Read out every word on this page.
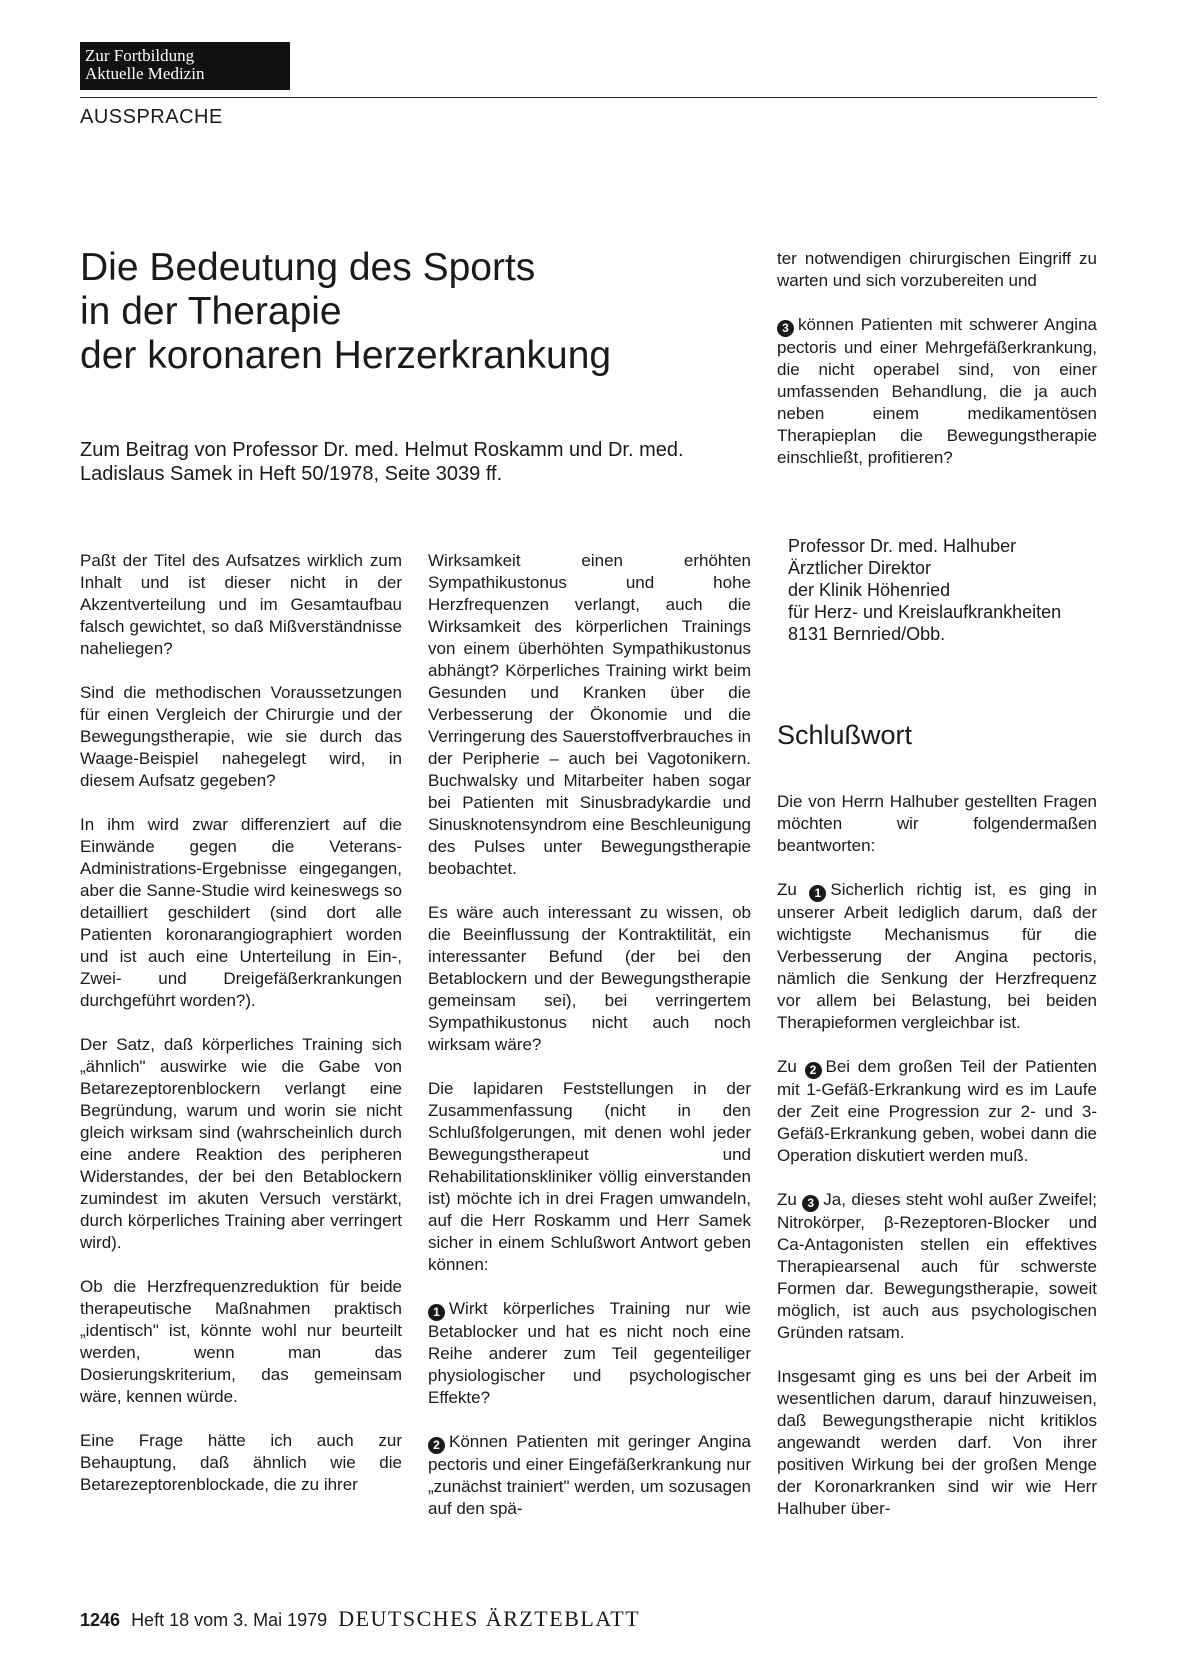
Zur Fortbildung
Aktuelle Medizin
AUSSPRACHE
Die Bedeutung des Sports
in der Therapie
der koronaren Herzerkrankung
Zum Beitrag von Professor Dr. med. Helmut Roskamm und Dr. med. Ladislaus Samek in Heft 50/1978, Seite 3039 ff.

Paßt der Titel des Aufsatzes wirklich zum Inhalt und ist dieser nicht in der Akzentverteilung und im Gesamtaufbau falsch gewichtet, so daß Mißverständnisse naheliegen?

Sind die methodischen Voraussetzungen für einen Vergleich der Chirurgie und der Bewegungstherapie, wie sie durch das Waage-Beispiel nahegelegt wird, in diesem Aufsatz gegeben?

In ihm wird zwar differenziert auf die Einwände gegen die Veterans-Administrations-Ergebnisse eingegangen, aber die Sanne-Studie wird keineswegs so detailliert geschildert (sind dort alle Patienten koronarangiographiert worden und ist auch eine Unterteilung in Ein-, Zwei- und Dreigefäßerkrankungen durchgeführt worden?).

Der Satz, daß körperliches Training sich „ähnlich" auswirke wie die Gabe von Betarezeptorenblockern verlangt eine Begründung, warum und worin sie nicht gleich wirksam sind (wahrscheinlich durch eine andere Reaktion des peripheren Widerstandes, der bei den Betablockern zumindest im akuten Versuch verstärkt, durch körperliches Training aber verringert wird).

Ob die Herzfrequenzreduktion für beide therapeutische Maßnahmen praktisch „identisch" ist, könnte wohl nur beurteilt werden, wenn man das Dosierungskriterium, das gemeinsam wäre, kennen würde.

Eine Frage hätte ich auch zur Behauptung, daß ähnlich wie die Betarezeptorenblockade, die zu ihrer

Wirksamkeit einen erhöhten Sympathikustonus und hohe Herzfrequenzen verlangt, auch die Wirksamkeit des körperlichen Trainings von einem überhöhten Sympathikustonus abhängt? Körperliches Training wirkt beim Gesunden und Kranken über die Verbesserung der Ökonomie und die Verringerung des Sauerstoffverbrauches in der Peripherie – auch bei Vagotonikern. Buchwalsky und Mitarbeiter haben sogar bei Patienten mit Sinusbradykardie und Sinusknotensyndrom eine Beschleunigung des Pulses unter Bewegungstherapie beobachtet.

Es wäre auch interessant zu wissen, ob die Beeinflussung der Kontraktilität, ein interessanter Befund (der bei den Betablockern und der Bewegungstherapie gemeinsam sei), bei verringertem Sympathikustonus nicht auch noch wirksam wäre?

Die lapidaren Feststellungen in der Zusammenfassung (nicht in den Schlußfolgerungen, mit denen wohl jeder Bewegungstherapeut und Rehabilitationskliniker völlig einverstanden ist) möchte ich in drei Fragen umwandeln, auf die Herr Roskamm und Herr Samek sicher in einem Schlußwort Antwort geben können:

1 Wirkt körperliches Training nur wie Betablocker und hat es nicht noch eine Reihe anderer zum Teil gegenteiliger physiologischer und psychologischer Effekte?

2 Können Patienten mit geringer Angina pectoris und einer Eingefäßerkrankung nur „zunächst trainiert" werden, um sozusagen auf den spä-

ter notwendigen chirurgischen Eingriff zu warten und sich vorzubereiten und

3 können Patienten mit schwerer Angina pectoris und einer Mehrgefäßerkrankung, die nicht operabel sind, von einer umfassenden Behandlung, die ja auch neben einem medikamentösen Therapieplan die Bewegungstherapie einschließt, profitieren?

Professor Dr. med. Halhuber
Ärztlicher Direktor
der Klinik Höhenried
für Herz- und Kreislaufkrankheiten
8131 Bernried/Obb.
Schlußwort

Die von Herrn Halhuber gestellten Fragen möchten wir folgendermaßen beantworten:

Zu 1 Sicherlich richtig ist, es ging in unserer Arbeit lediglich darum, daß der wichtigste Mechanismus für die Verbesserung der Angina pectoris, nämlich die Senkung der Herzfrequenz vor allem bei Belastung, bei beiden Therapieformen vergleichbar ist.

Zu 2 Bei dem großen Teil der Patienten mit 1-Gefäß-Erkrankung wird es im Laufe der Zeit eine Progression zur 2- und 3-Gefäß-Erkrankung geben, wobei dann die Operation diskutiert werden muß.

Zu 3 Ja, dieses steht wohl außer Zweifel; Nitrokörper, β-Rezeptoren-Blocker und Ca-Antagonisten stellen ein effektives Therapiearsenal auch für schwerste Formen dar. Bewegungstherapie, soweit möglich, ist auch aus psychologischen Gründen ratsam.

Insgesamt ging es uns bei der Arbeit im wesentlichen darum, darauf hinzuweisen, daß Bewegungstherapie nicht kritiklos angewandt werden darf. Von ihrer positiven Wirkung bei der großen Menge der Koronarkranken sind wir wie Herr Halhuber über-

1246 Heft 18 vom 3. Mai 1979 DEUTSCHES ÄRZTEBLATT
